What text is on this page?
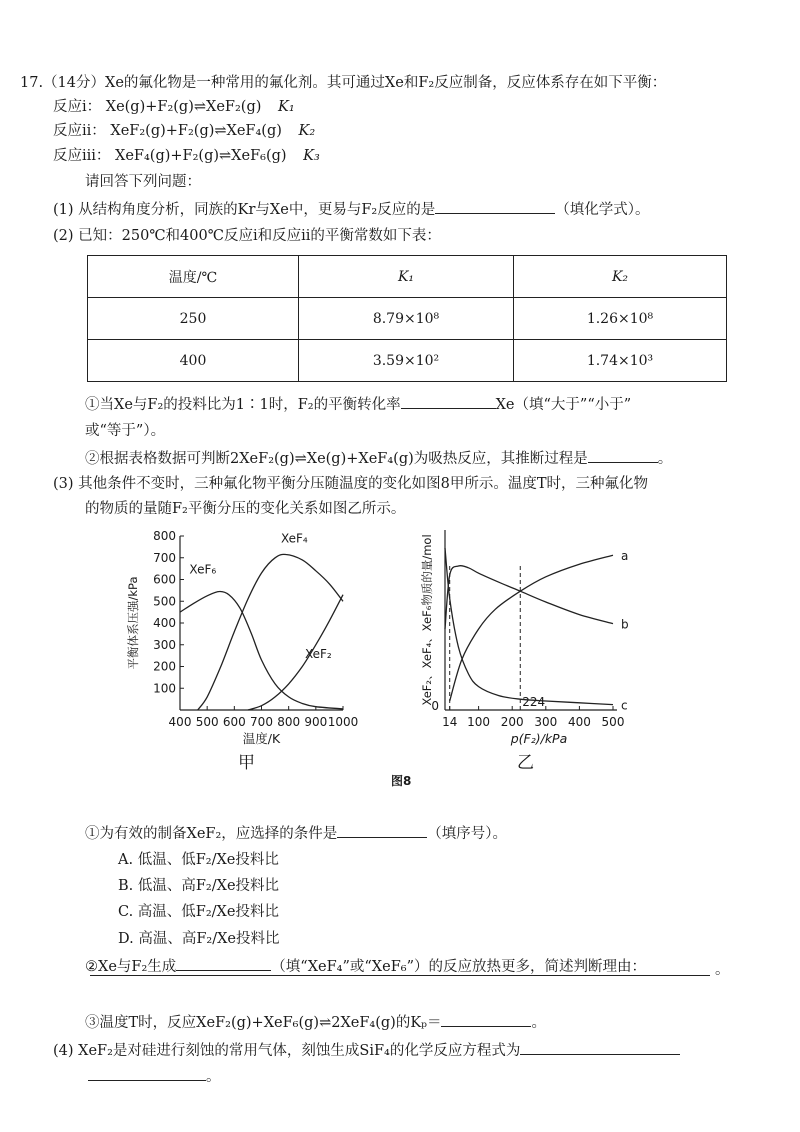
17.（14分）Xe的氟化物是一种常用的氟化剂。其可通过Xe和F₂反应制备，反应体系存在如下平衡：
反应ⅰ： Xe(g)+F₂(g)⇌XeF₂(g) K₁
反应ⅱ： XeF₂(g)+F₂(g)⇌XeF₄(g) K₂
反应ⅲ： XeF₄(g)+F₂(g)⇌XeF₆(g) K₃
请回答下列问题：
(1) 从结构角度分析，同族的Kr与Xe中，更易与F₂反应的是	（填化学式）。
(2) 已知：250℃和400℃反应ⅰ和反应ⅱ的平衡常数如下表：
温度/℃	K₁	K₂
250	8.79×10⁸	1.26×10⁸
400	3.59×10²	1.74×10³
①当Xe与F₂的投料比为1∶1时，F₂的平衡转化率	Xe（填“大于”“小于”
或“等于”）。
②根据表格数据可判断2XeF₂(g)⇌Xe(g)+XeF₄(g)为吸热反应，其推断过程是	。
(3) 其他条件不变时，三种氟化物平衡分压随温度的变化如图8甲所示。温度T时，三种氟化物
的物质的量随F₂平衡分压的变化关系如图乙所示。
100
200
300
400
500
600
700
800
400 500 600 700 800 900 1000
温度/K
平衡体系压强/kPa
XeF₆
XeF₄
XeF₂
甲
0
14 100 200 300 400 500
p(F₂)/kPa
XeF₂、XeF₄、XeF₆物质的量/mol	224
a
b
c
乙
图8
①为有效的制备XeF₂，应选择的条件是	（填序号）。
A. 低温、低F₂/Xe投料比
B. 低温、高F₂/Xe投料比
C. 高温、低F₂/Xe投料比
D. 高温、高F₂/Xe投料比
②Xe与F₂生成	（填“XeF₄”或“XeF₆”）的反应放热更多，简述判断理由：	。
③温度T时，反应XeF₂(g)+XeF₆(g)⇌2XeF₄(g)的Kₚ＝	。
(4) XeF₂是对硅进行刻蚀的常用气体，刻蚀生成SiF₄的化学反应方程式为
。
